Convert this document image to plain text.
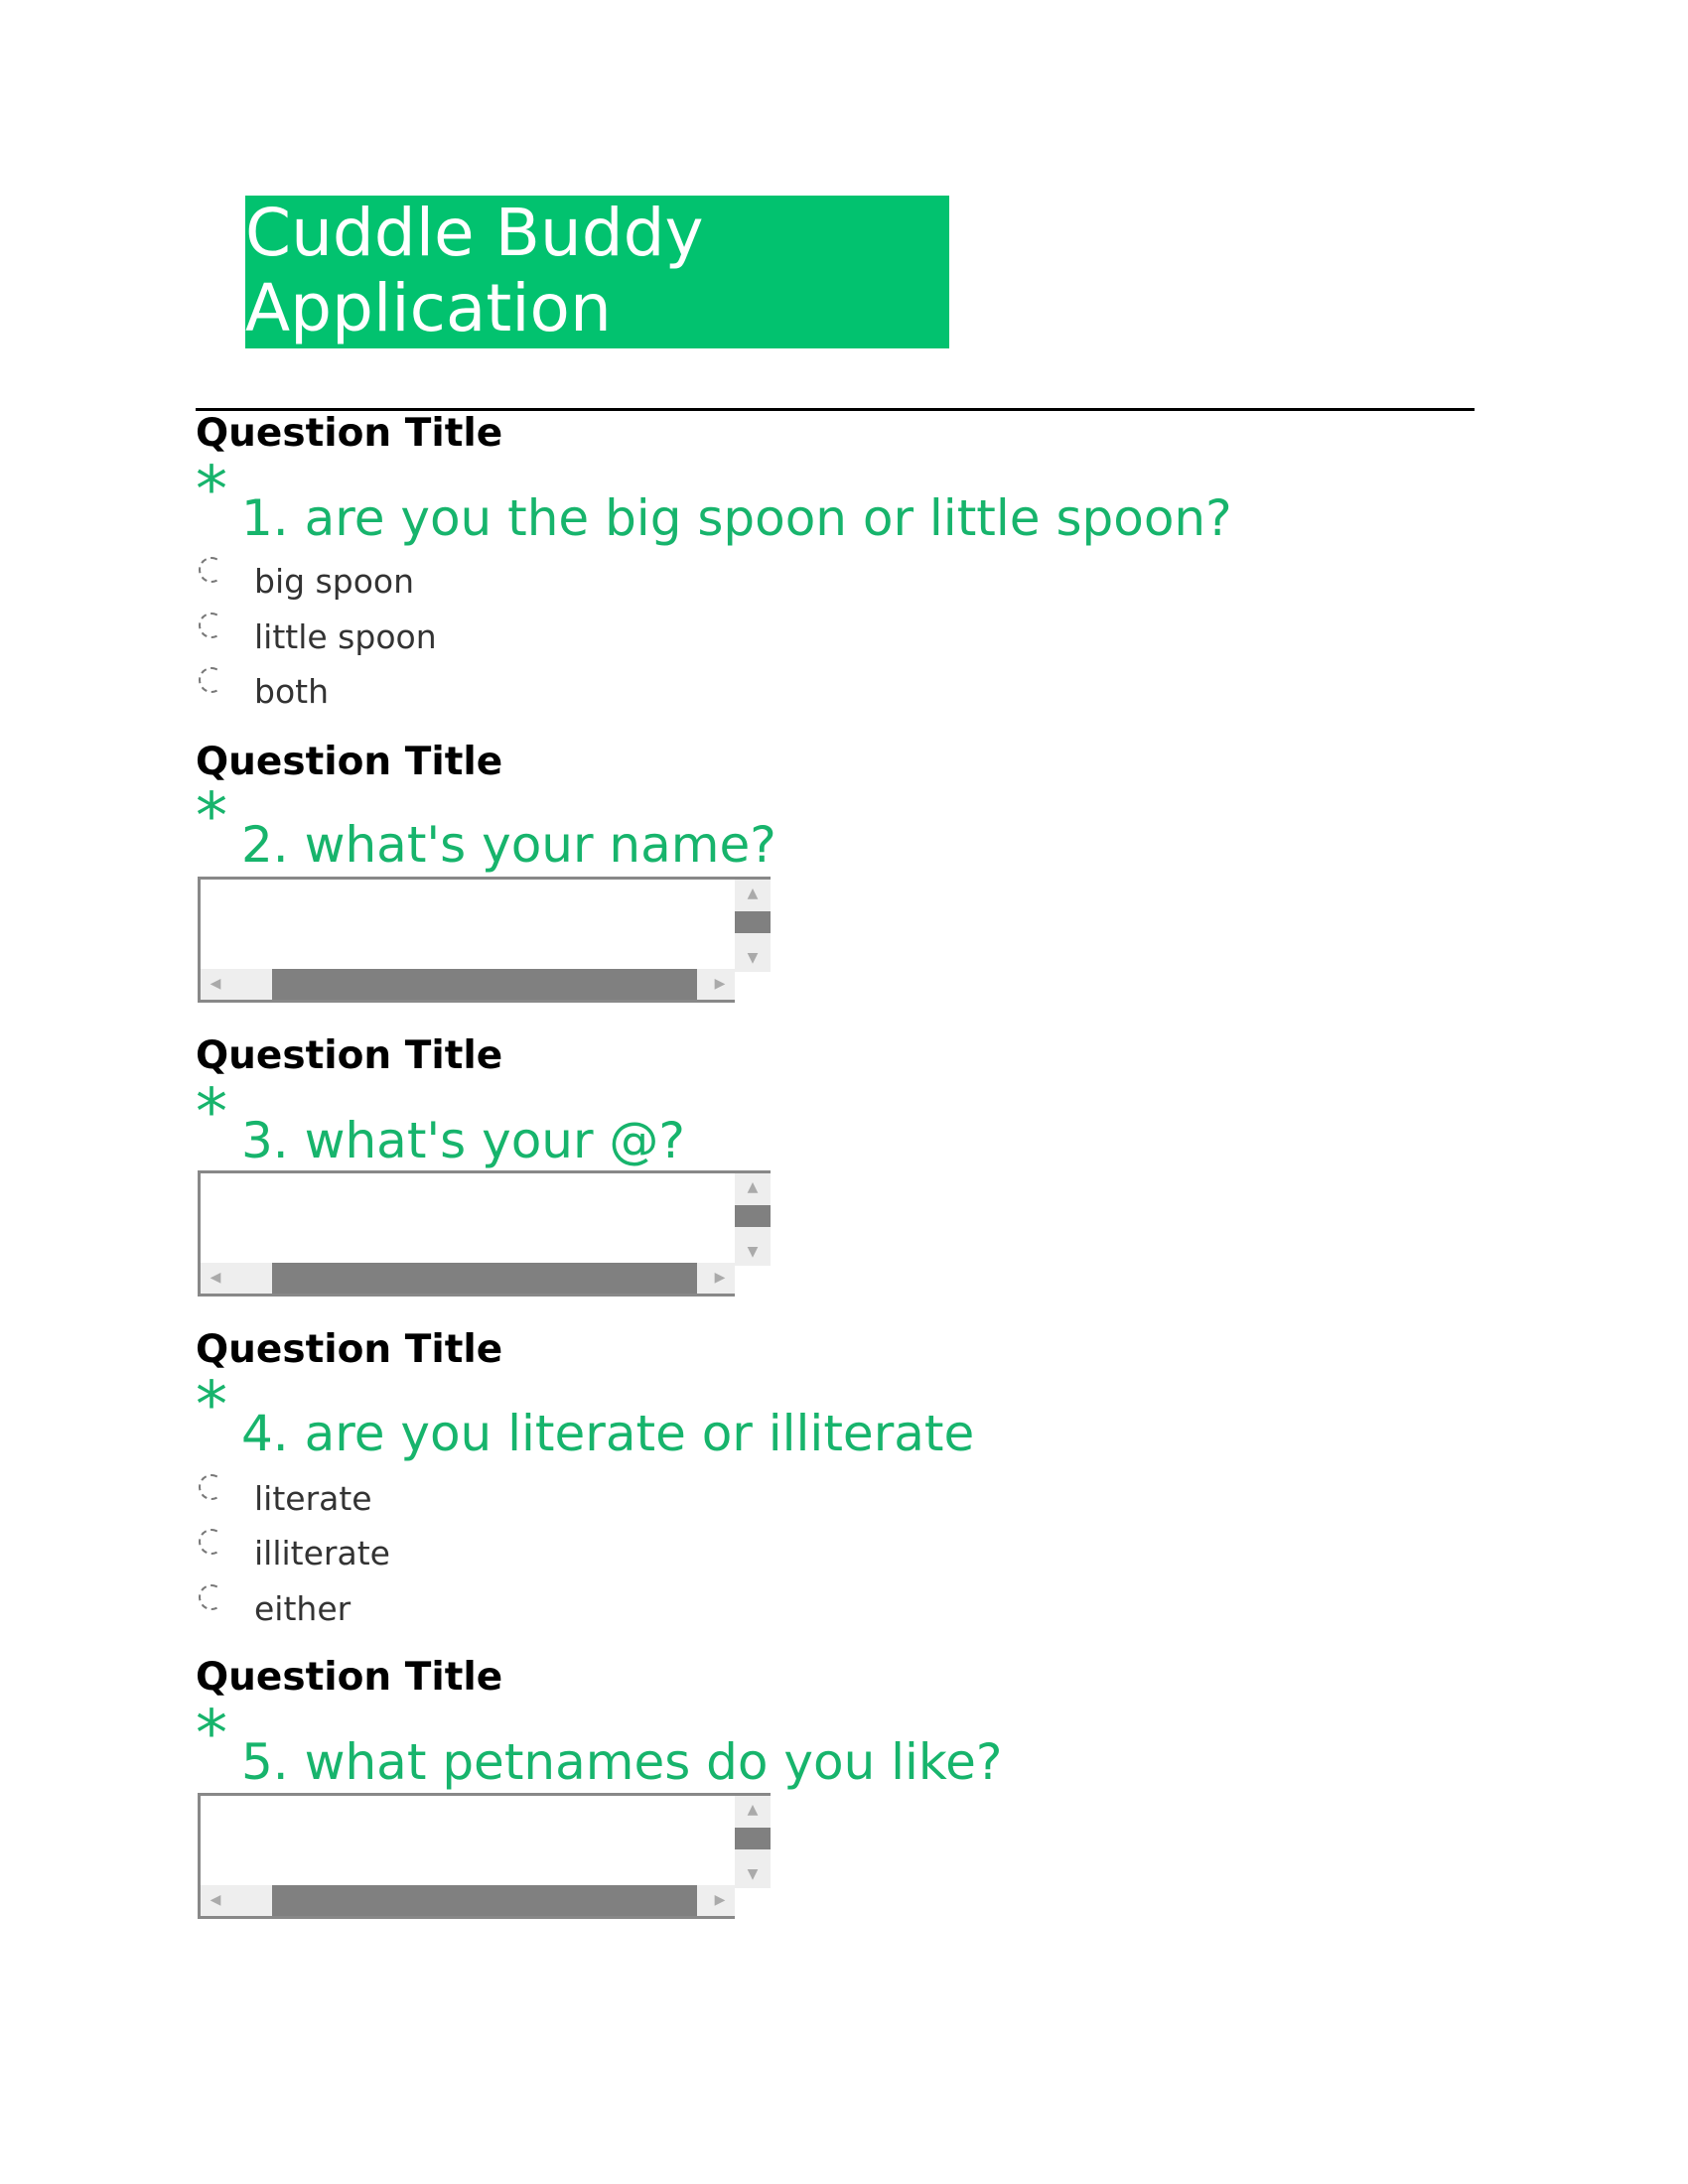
Cuddle Buddy Application
Question Title
* 1. are you the big spoon or little spoon?
big spoon
little spoon
both
Question Title
* 2. what's your name?
▲
▼
◀	▶
Question Title
* 3. what's your @?
▲
▼
◀	▶
Question Title
* 4. are you literate or illiterate
literate
illiterate
either
Question Title
* 5. what petnames do you like?
▲
▼
◀	▶
